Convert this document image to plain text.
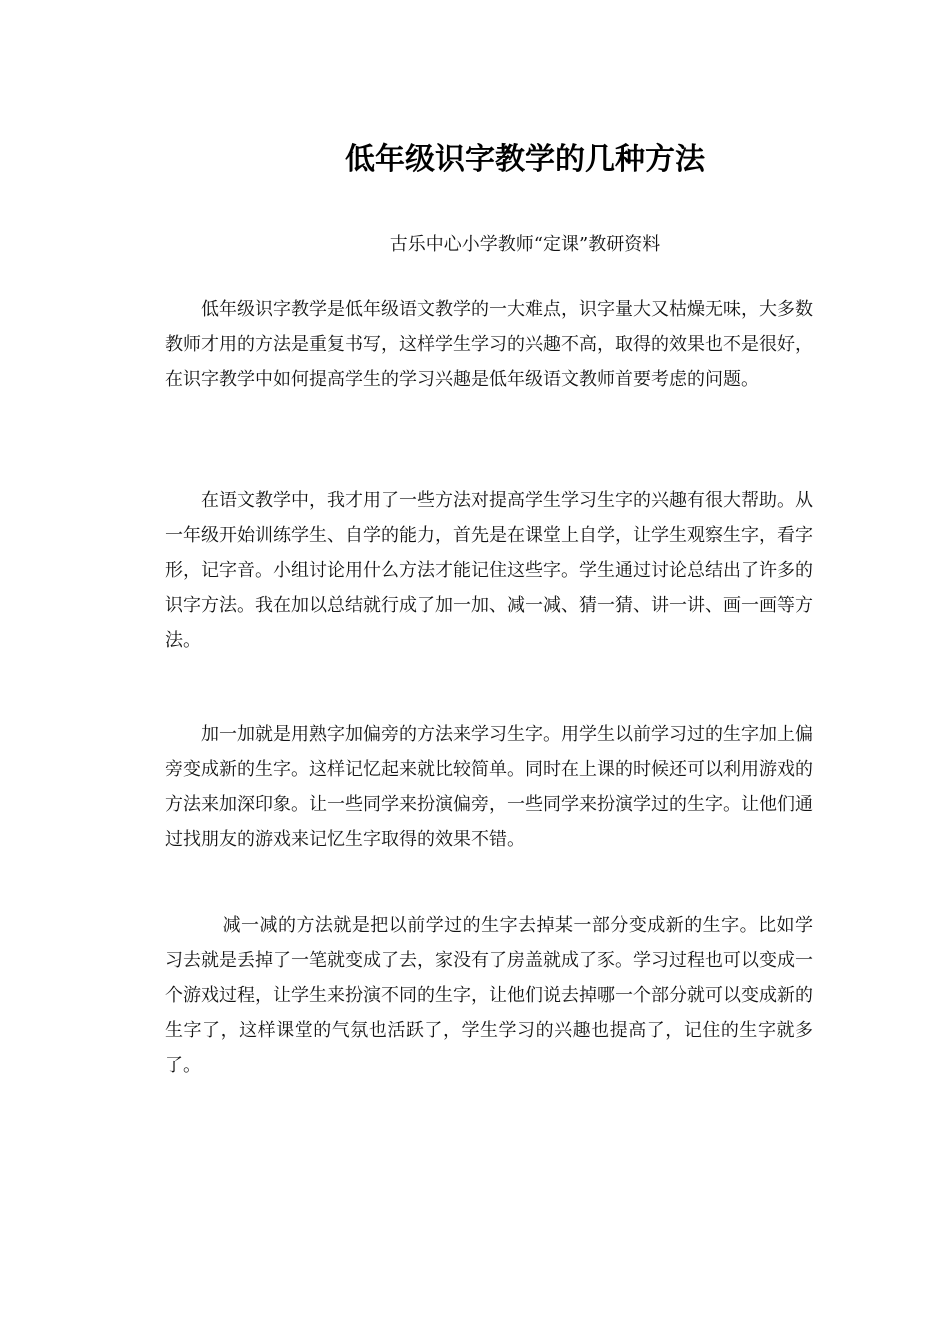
低年级识字教学的几种方法

古乐中心小学教师“定课”教研资料

低年级识字教学是低年级语文教学的一大难点，识字量大又枯燥无味，大多数教师才用的方法是重复书写，这样学生学习的兴趣不高，取得的效果也不是很好，在识字教学中如何提高学生的学习兴趣是低年级语文教师首要考虑的问题。

在语文教学中，我才用了一些方法对提高学生学习生字的兴趣有很大帮助。从一年级开始训练学生、自学的能力，首先是在课堂上自学，让学生观察生字，看字形，记字音。小组讨论用什么方法才能记住这些字。学生通过讨论总结出了许多的识字方法。我在加以总结就行成了加一加、减一减、猜一猜、讲一讲、画一画等方法。

加一加就是用熟字加偏旁的方法来学习生字。用学生以前学习过的生字加上偏旁变成新的生字。这样记忆起来就比较简单。同时在上课的时候还可以利用游戏的方法来加深印象。让一些同学来扮演偏旁，一些同学来扮演学过的生字。让他们通过找朋友的游戏来记忆生字取得的效果不错。

减一减的方法就是把以前学过的生字去掉某一部分变成新的生字。比如学习去就是丢掉了一笔就变成了去，家没有了房盖就成了豕。学习过程也可以变成一个游戏过程，让学生来扮演不同的生字，让他们说去掉哪一个部分就可以变成新的生字了，这样课堂的气氛也活跃了，学生学习的兴趣也提高了，记住的生字就多了。
